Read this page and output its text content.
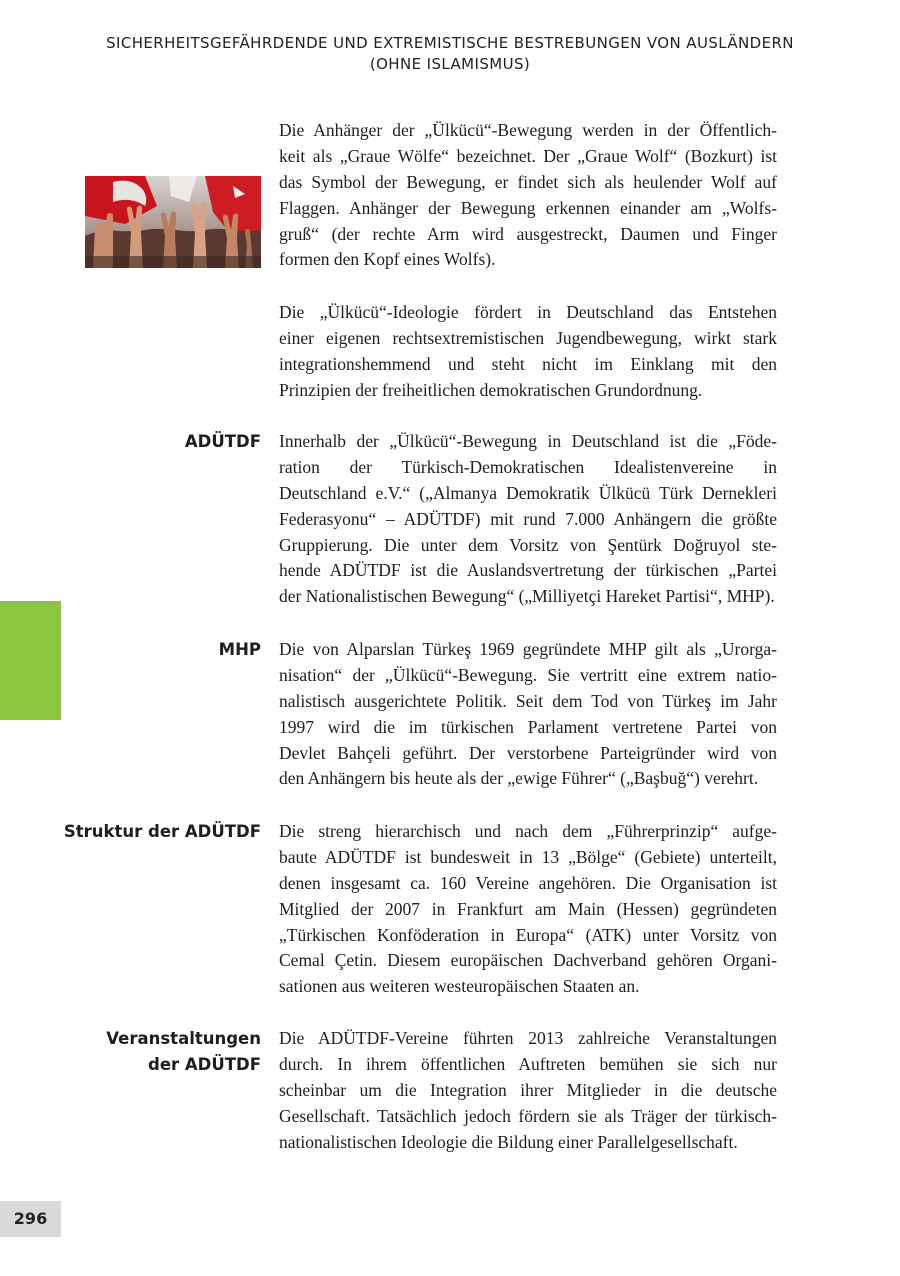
SICHERHEITSGEFÄHRDENDE UND EXTREMISTISCHE BESTREBUNGEN VON AUSLÄNDERN
(OHNE ISLAMISMUS)
Die Anhänger der „Ülkücü“-Bewegung werden in der Öffentlich-
keit als „Graue Wölfe“ bezeichnet. Der „Graue Wolf“ (Bozkurt) ist
das Symbol der Bewegung, er findet sich als heulender Wolf auf
Flaggen. Anhänger der Bewegung erkennen einander am „Wolfs-
gruß“ (der rechte Arm wird ausgestreckt, Daumen und Finger
formen den Kopf eines Wolfs).
Die „Ülkücü“-Ideologie fördert in Deutschland das Entstehen
einer eigenen rechtsextremistischen Jugendbewegung, wirkt stark
integrationshemmend und steht nicht im Einklang mit den
Prinzipien der freiheitlichen demokratischen Grundordnung.
ADÜTDF Innerhalb der „Ülkücü“-Bewegung in Deutschland ist die „Föde-
ration der Türkisch-Demokratischen Idealistenvereine in
Deutschland e.V.“ („Almanya Demokratik Ülkücü Türk Dernekleri
Federasyonu“ – ADÜTDF) mit rund 7.000 Anhängern die größte
Gruppierung. Die unter dem Vorsitz von Şentürk Doğruyol ste-
hende ADÜTDF ist die Auslandsvertretung der türkischen „Partei
der Nationalistischen Bewegung“ („Milliyetçi Hareket Partisi“, MHP).
MHP Die von Alparslan Türkeş 1969 gegründete MHP gilt als „Urorga-
nisation“ der „Ülkücü“-Bewegung. Sie vertritt eine extrem natio-
nalistisch ausgerichtete Politik. Seit dem Tod von Türkeş im Jahr
1997 wird die im türkischen Parlament vertretene Partei von
Devlet Bahçeli geführt. Der verstorbene Parteigründer wird von
den Anhängern bis heute als der „ewige Führer“ („Başbuğ“) verehrt.
Struktur der ADÜTDF Die streng hierarchisch und nach dem „Führerprinzip“ aufge-
baute ADÜTDF ist bundesweit in 13 „Bölge“ (Gebiete) unterteilt,
denen insgesamt ca. 160 Vereine angehören. Die Organisation ist
Mitglied der 2007 in Frankfurt am Main (Hessen) gegründeten
„Türkischen Konföderation in Europa“ (ATK) unter Vorsitz von
Cemal Çetin. Diesem europäischen Dachverband gehören Organi-
sationen aus weiteren westeuropäischen Staaten an.
Veranstaltungen
der ADÜTDF
Die ADÜTDF-Vereine führten 2013 zahlreiche Veranstaltungen
durch. In ihrem öffentlichen Auftreten bemühen sie sich nur
scheinbar um die Integration ihrer Mitglieder in die deutsche
Gesellschaft. Tatsächlich jedoch fördern sie als Träger der türkisch-
nationalistischen Ideologie die Bildung einer Parallelgesellschaft.
296
